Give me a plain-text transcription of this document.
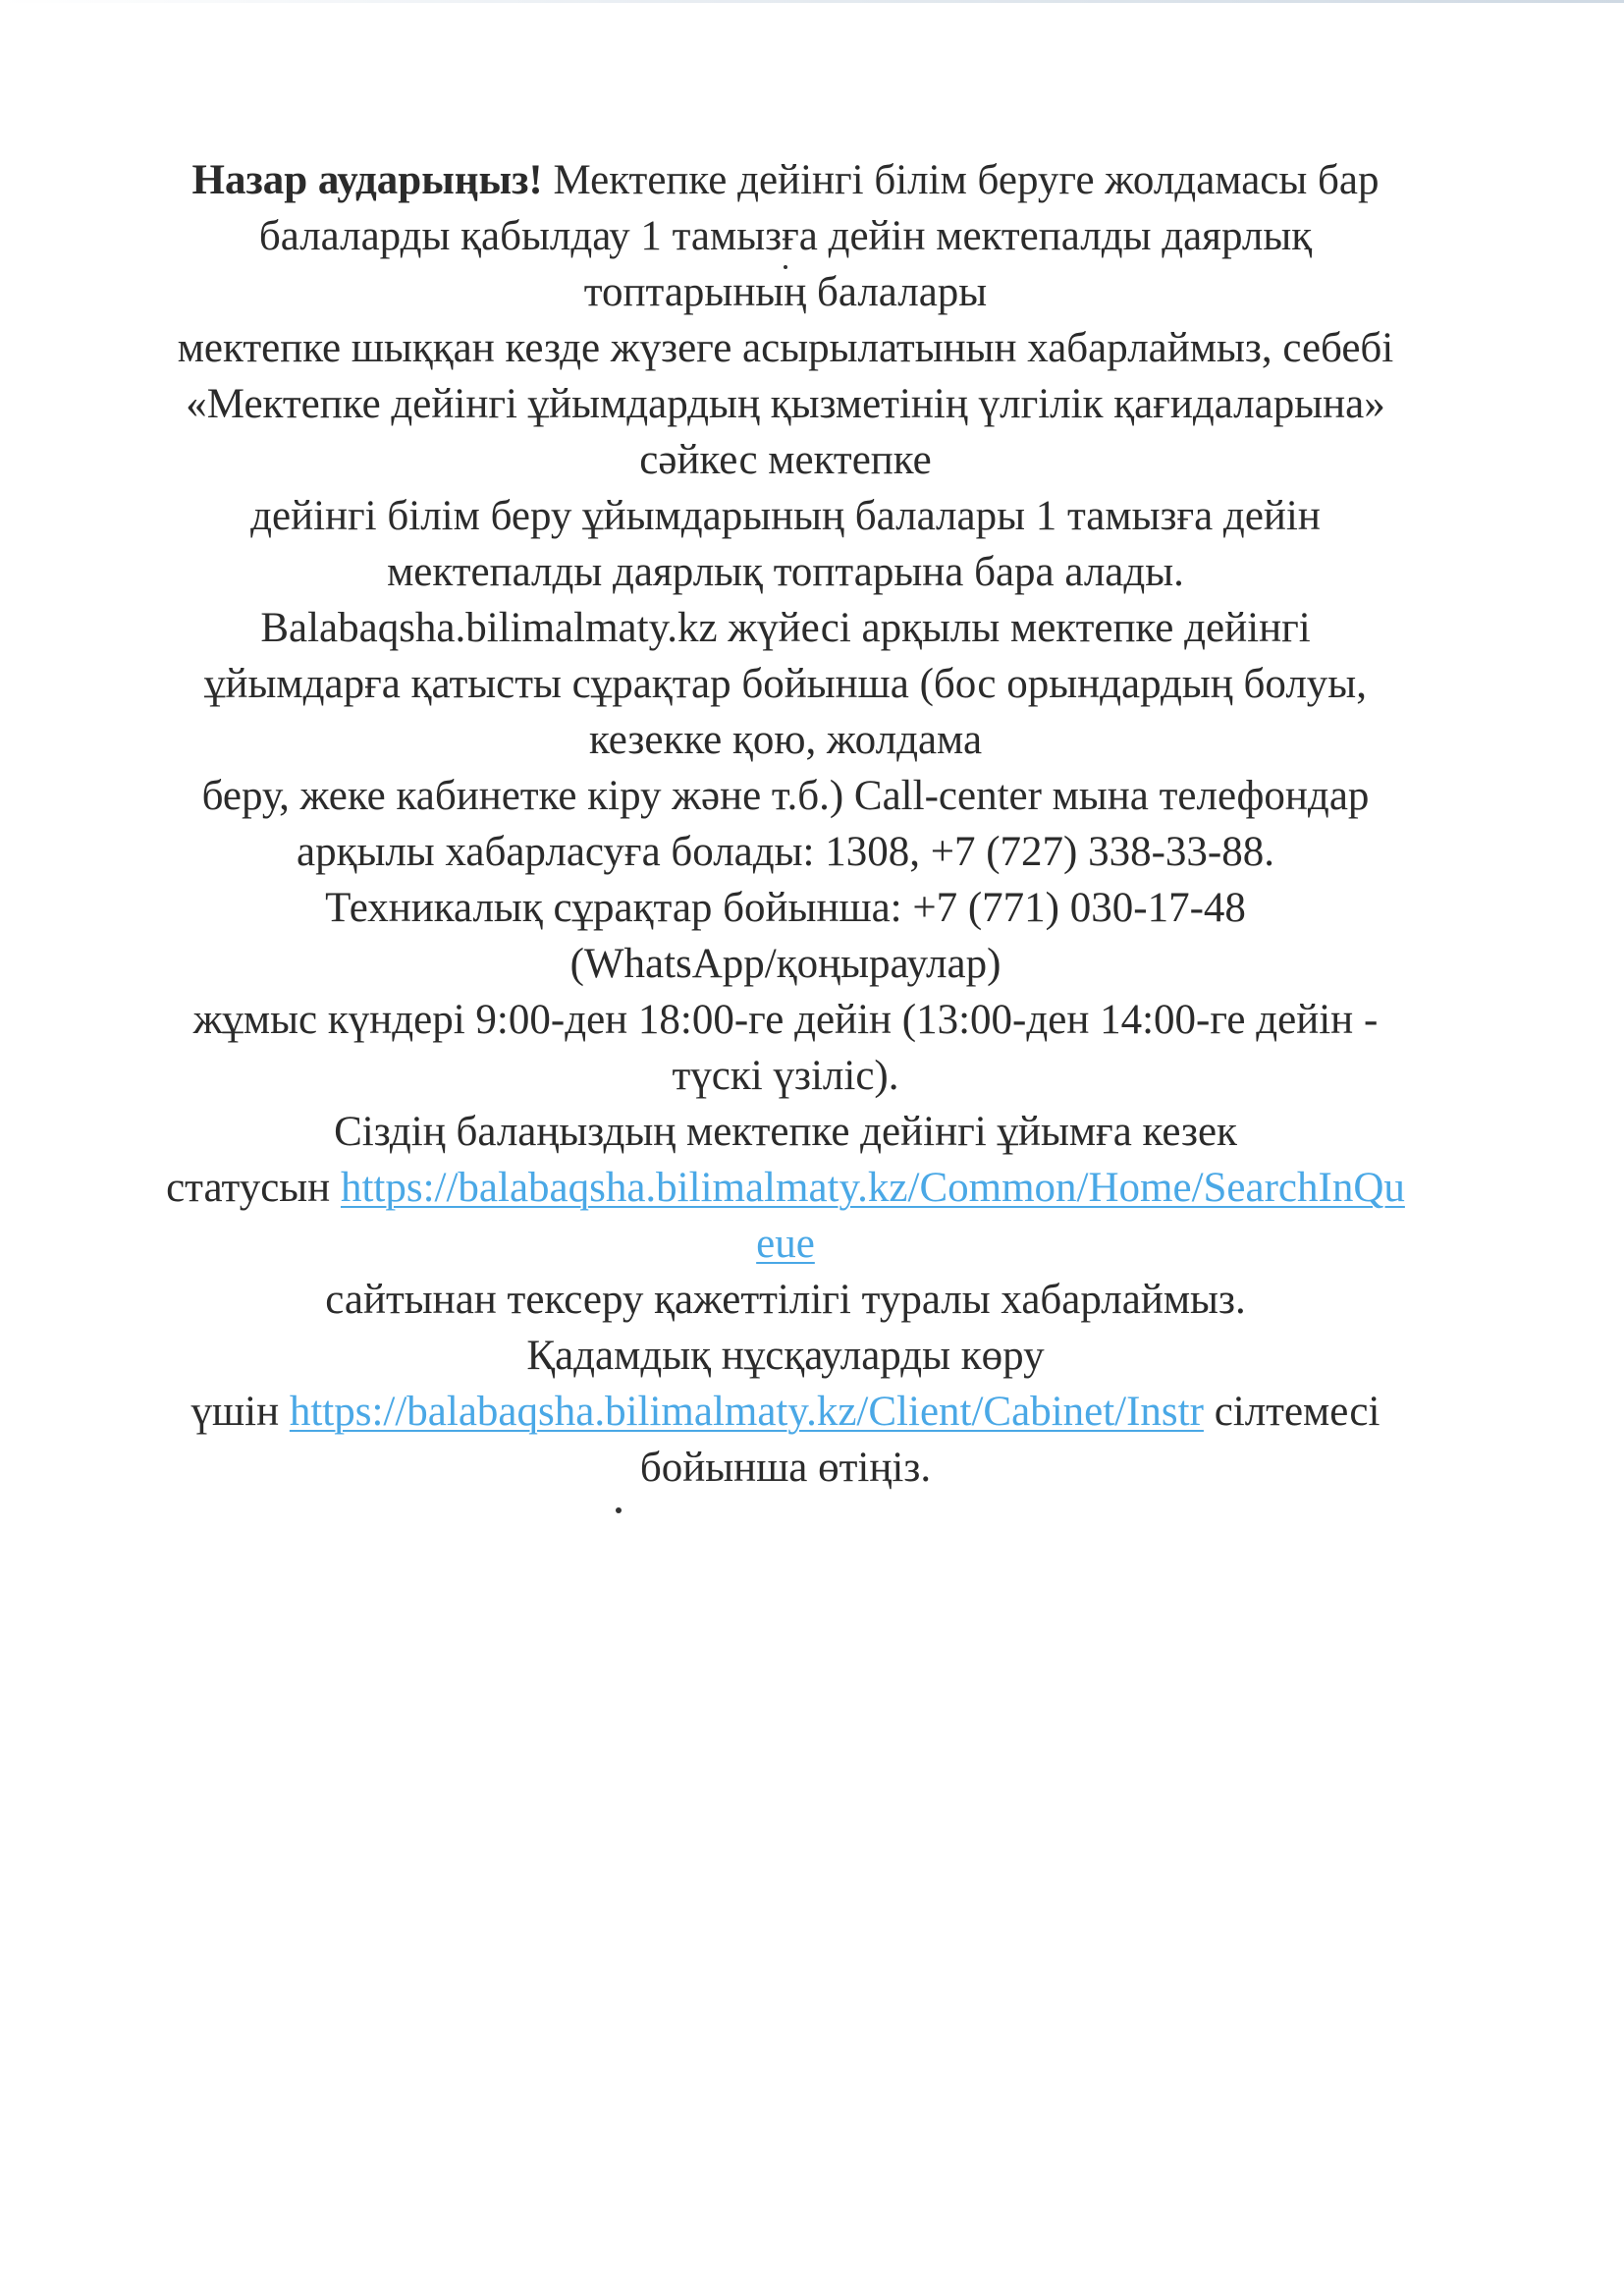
Назар аударыңыз! Мектепке дейінгі білім беруге жолдамасы бар
балаларды қабылдау 1 тамызға дейін мектепалды даярлық
топтарының балалары
мектепке шыққан кезде жүзеге асырылатынын хабарлаймыз, себебі
«Мектепке дейінгі ұйымдардың қызметінің үлгілік қағидаларына»
сәйкес мектепке
дейінгі білім беру ұйымдарының балалары 1 тамызға дейін
мектепалды даярлық топтарына бара алады.
Balabaqsha.bilimalmaty.kz жүйесі арқылы мектепке дейінгі
ұйымдарға қатысты сұрақтар бойынша (бос орындардың болуы,
кезекке қою, жолдама
беру, жеке кабинетке кіру және т.б.) Call-center мына телефондар
арқылы хабарласуға болады: 1308, +7 (727) 338-33-88.
Техникалық сұрақтар бойынша: +7 (771) 030-17-48
(WhatsApp/қоңыраулар)
жұмыс күндері 9:00-ден 18:00-ге дейін (13:00-ден 14:00-ге дейін -
түскі үзіліс).
Сіздің балаңыздың мектепке дейінгі ұйымға кезек
статусын https://balabaqsha.bilimalmaty.kz/Common/Home/SearchInQu
eue
сайтынан тексеру қажеттілігі туралы хабарлаймыз.
Қадамдық нұсқауларды көру
үшін https://balabaqsha.bilimalmaty.kz/Client/Cabinet/Instr сілтемесі
бойынша өтіңіз.
